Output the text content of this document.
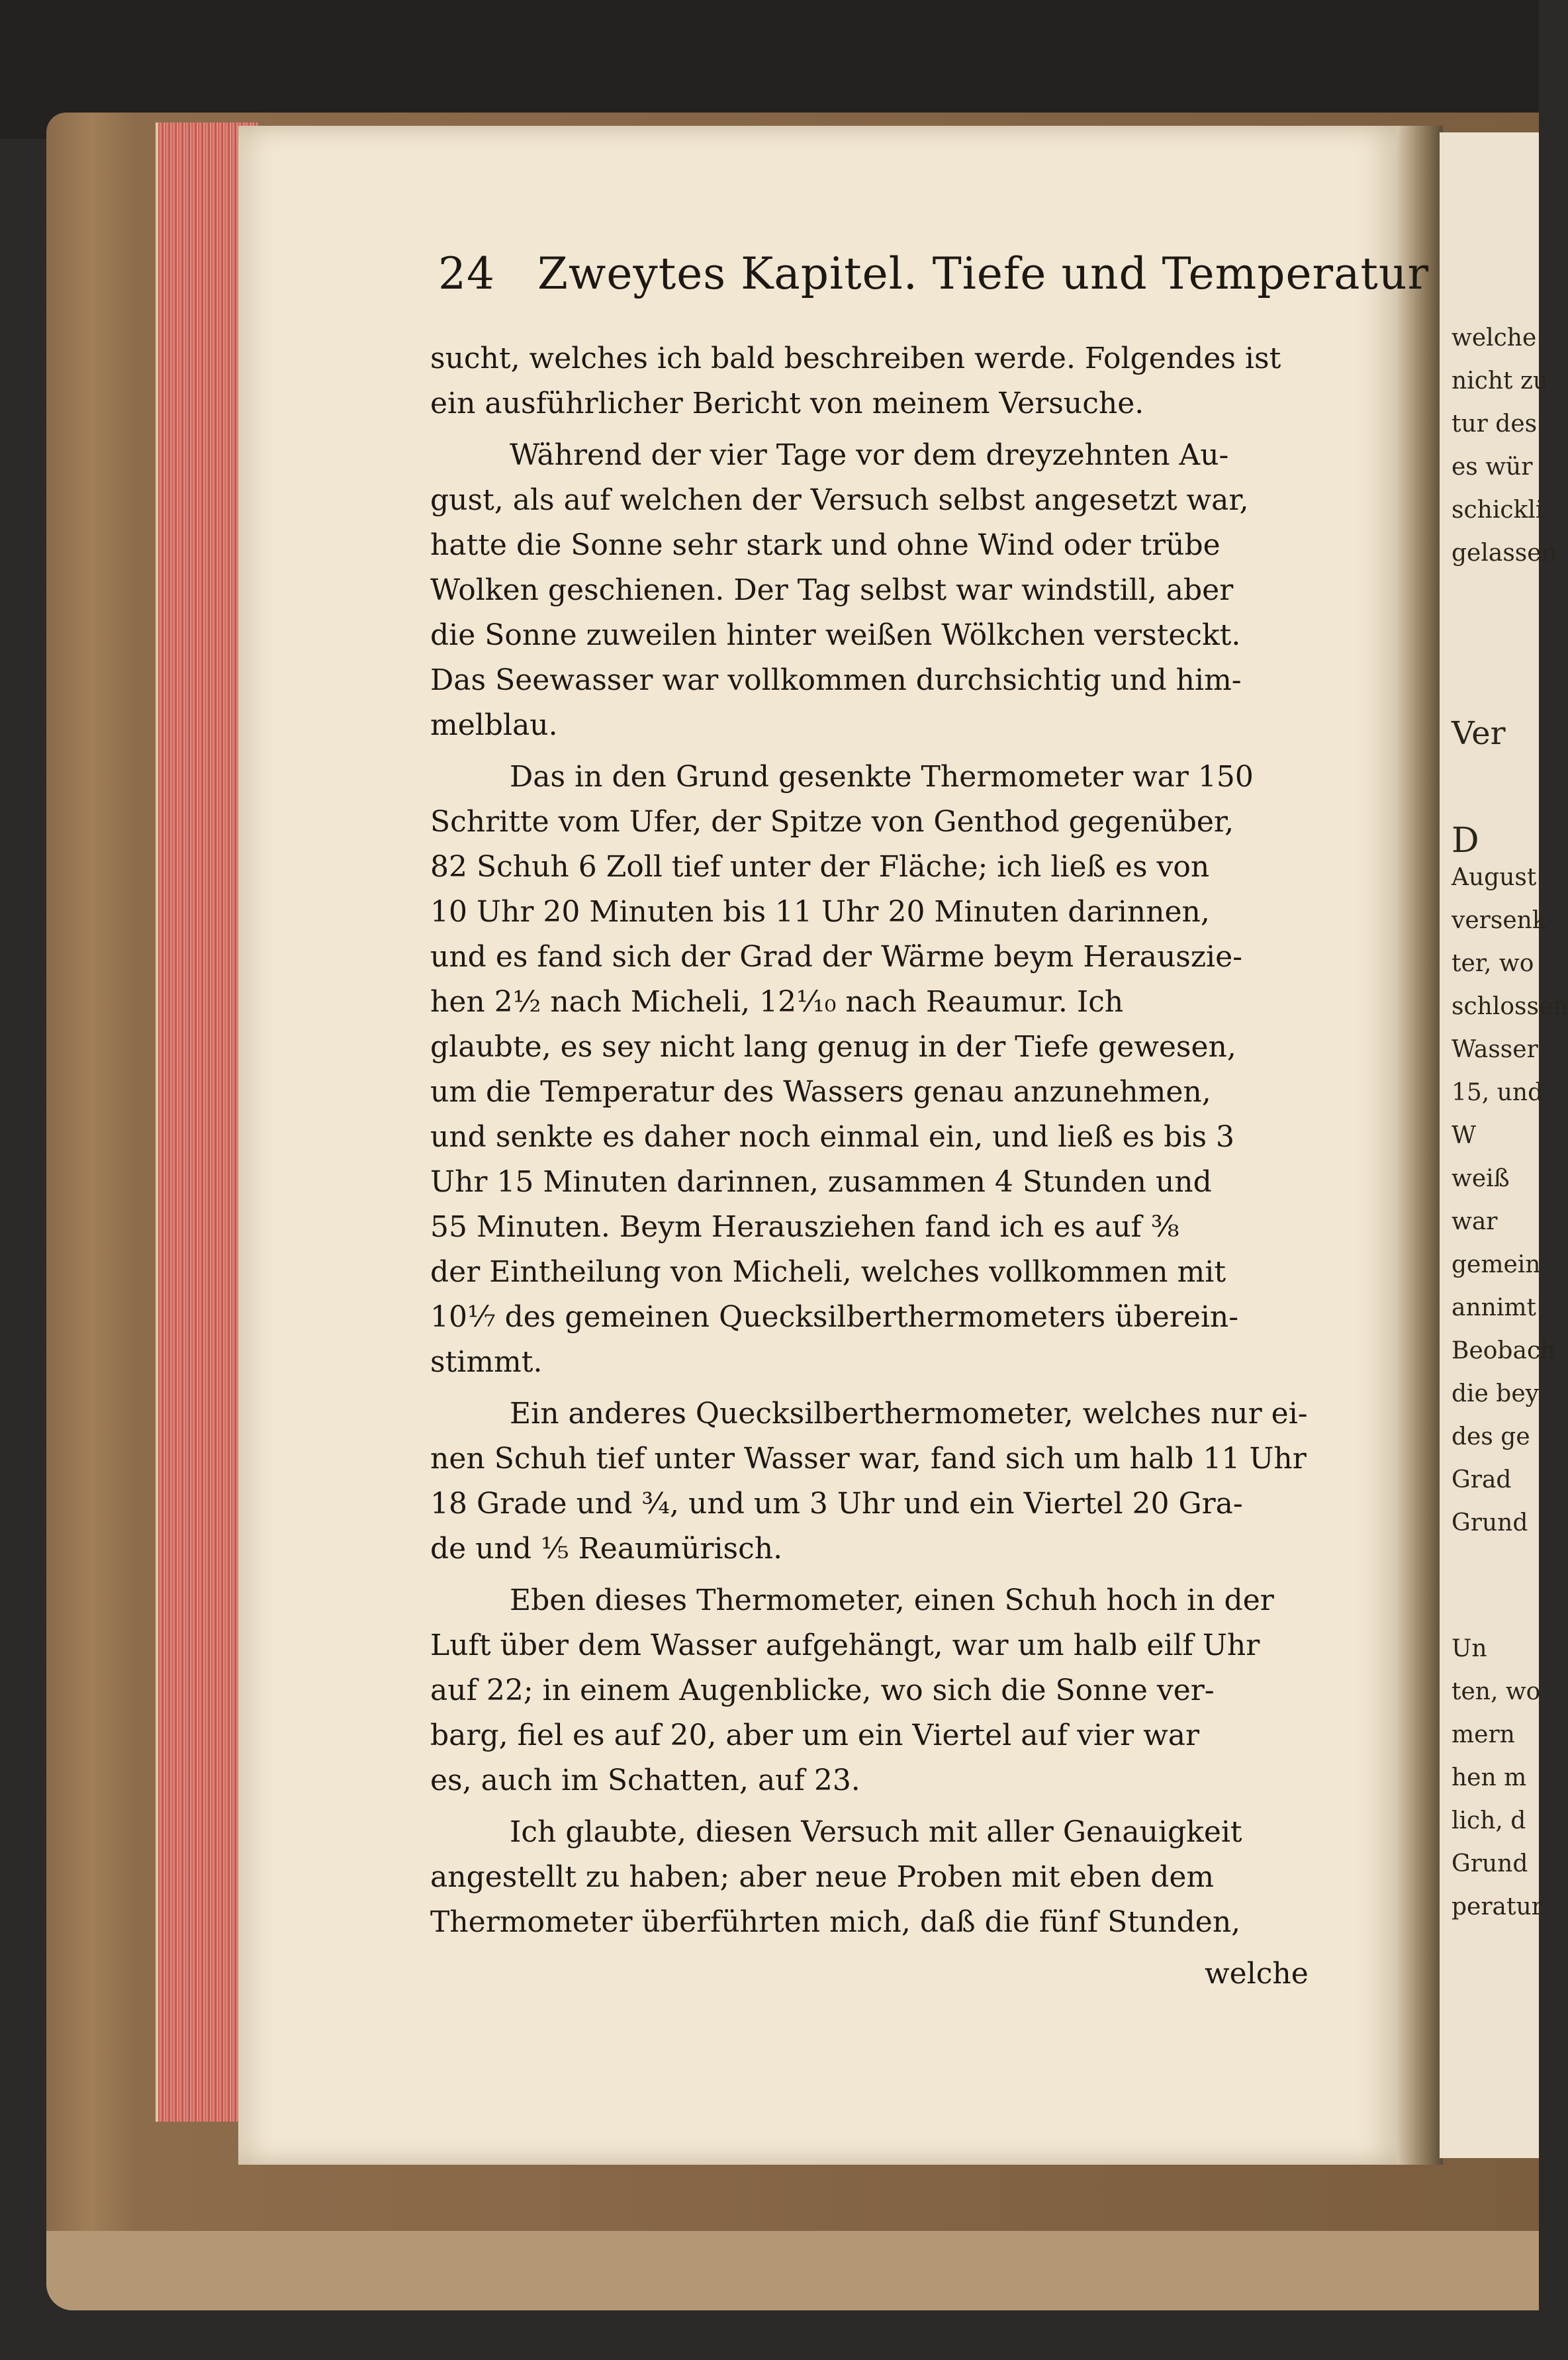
welche
nicht zu
tur des
es wür
schickli
gelassen
Ver
D
August
versenk
ter, wo
schlossen
Wasser
15, und
W
weiß
war
gemein
annimt
Beobach
die bey
des ge
Grad
Grund
Un
ten, wo
mern
hen m
lich, d
Grund
peratur
24 Zweytes Kapitel. Tiefe und Temperatur
sucht, welches ich bald beschreiben werde. Folgendes ist
ein ausführlicher Bericht von meinem Versuche.
Während der vier Tage vor dem dreyzehnten Au-
gust, als auf welchen der Versuch selbst angesetzt war,
hatte die Sonne sehr stark und ohne Wind oder trübe
Wolken geschienen. Der Tag selbst war windstill, aber
die Sonne zuweilen hinter weißen Wölkchen versteckt.
Das Seewasser war vollkommen durchsichtig und him-
melblau.
Das in den Grund gesenkte Thermometer war 150
Schritte vom Ufer, der Spitze von Genthod gegenüber,
82 Schuh 6 Zoll tief unter der Fläche; ich ließ es von
10 Uhr 20 Minuten bis 11 Uhr 20 Minuten darinnen,
und es fand sich der Grad der Wärme beym Herauszie-
hen 2½ nach Micheli, 12⅒ nach Reaumur. Ich
glaubte, es sey nicht lang genug in der Tiefe gewesen,
um die Temperatur des Wassers genau anzunehmen,
und senkte es daher noch einmal ein, und ließ es bis 3
Uhr 15 Minuten darinnen, zusammen 4 Stunden und
55 Minuten. Beym Herausziehen fand ich es auf ⅜
der Eintheilung von Micheli, welches vollkommen mit
10⅐ des gemeinen Quecksilberthermometers überein-
stimmt.
Ein anderes Quecksilberthermometer, welches nur ei-
nen Schuh tief unter Wasser war, fand sich um halb 11 Uhr
18 Grade und ¾, und um 3 Uhr und ein Viertel 20 Gra-
de und ⅕ Reaumürisch.
Eben dieses Thermometer, einen Schuh hoch in der
Luft über dem Wasser aufgehängt, war um halb eilf Uhr
auf 22; in einem Augenblicke, wo sich die Sonne ver-
barg, fiel es auf 20, aber um ein Viertel auf vier war
es, auch im Schatten, auf 23.
Ich glaubte, diesen Versuch mit aller Genauigkeit
angestellt zu haben; aber neue Proben mit eben dem
Thermometer überführten mich, daß die fünf Stunden,
welche
